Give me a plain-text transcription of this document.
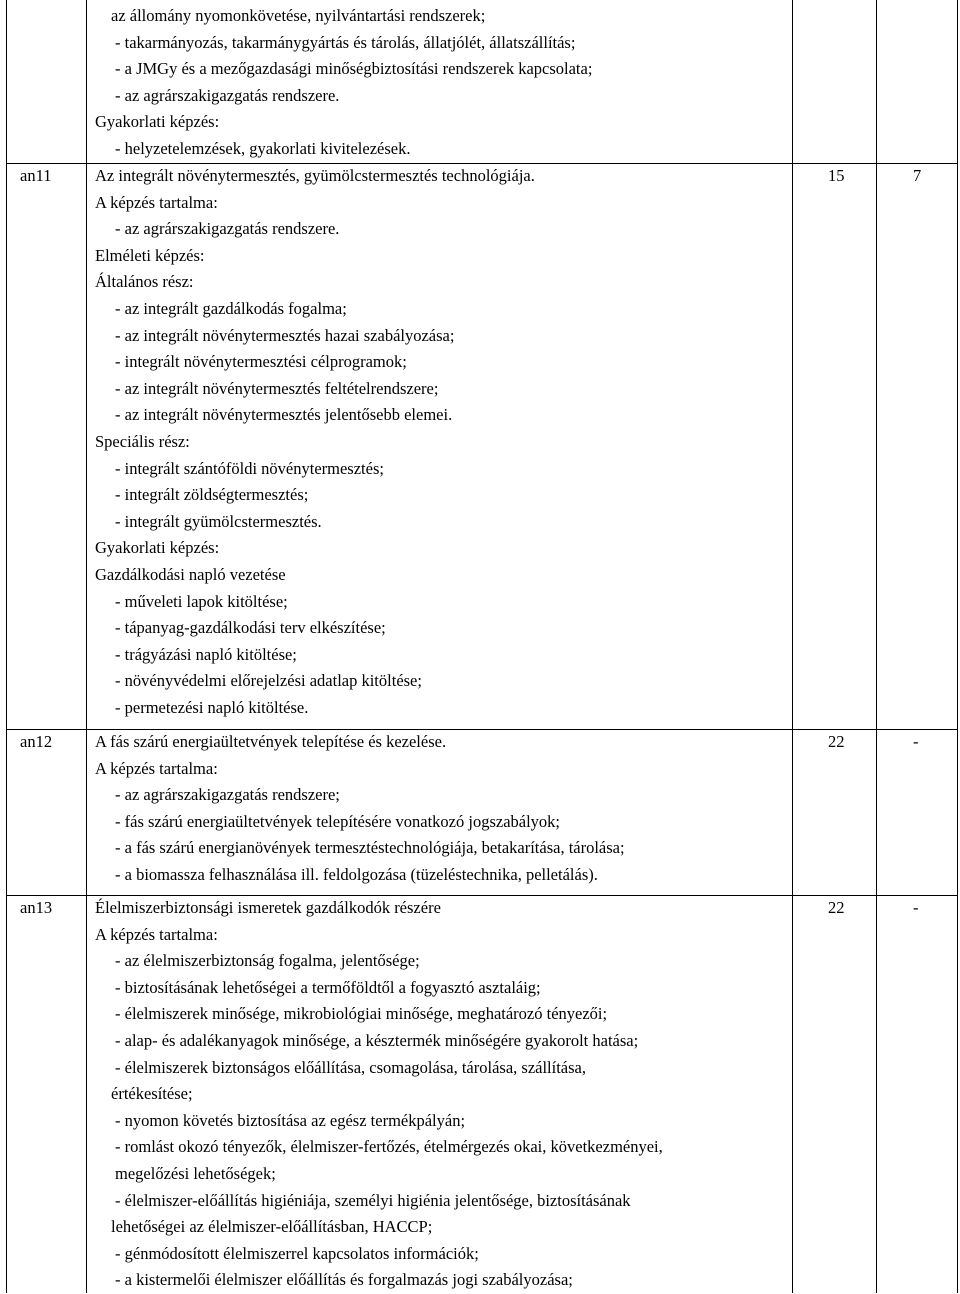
az állomány nyomonkövetése, nyilvántartási rendszerek;
- takarmányozás, takarmánygyártás és tárolás, állatjólét, állatszállítás;
- a JMGy és a mezőgazdasági minőségbiztosítási rendszerek kapcsolata;
- az agrárszakigazgatás rendszere.
Gyakorlati képzés:
- helyzetelemzések, gyakorlati kivitelezések.
an11	Az integrált növénytermesztés, gyümölcstermesztés technológiája.
A képzés tartalma:
- az agrárszakigazgatás rendszere.
Elméleti képzés:
Általános rész:
- az integrált gazdálkodás fogalma;
- az integrált növénytermesztés hazai szabályozása;
- integrált növénytermesztési célprogramok;
- az integrált növénytermesztés feltételrendszere;
- az integrált növénytermesztés jelentősebb elemei.
Speciális rész:
- integrált szántóföldi növénytermesztés;
- integrált zöldségtermesztés;
- integrált gyümölcstermesztés.
Gyakorlati képzés:
Gazdálkodási napló vezetése
- műveleti lapok kitöltése;
- tápanyag-gazdálkodási terv elkészítése;
- trágyázási napló kitöltése;
- növényvédelmi előrejelzési adatlap kitöltése;
- permetezési napló kitöltése.
15	7
an12	A fás szárú energiaültetvények telepítése és kezelése.
A képzés tartalma:
- az agrárszakigazgatás rendszere;
- fás szárú energiaültetvények telepítésére vonatkozó jogszabályok;
- a fás szárú energianövények termesztéstechnológiája, betakarítása, tárolása;
- a biomassza felhasználása ill. feldolgozása (tüzeléstechnika, pelletálás).
22	-
an13	Élelmiszerbiztonsági ismeretek gazdálkodók részére
A képzés tartalma:
- az élelmiszerbiztonság fogalma, jelentősége;
- biztosításának lehetőségei a termőföldtől a fogyasztó asztaláig;
- élelmiszerek minősége, mikrobiológiai minősége, meghatározó tényezői;
- alap- és adalékanyagok minősége, a késztermék minőségére gyakorolt hatása;
- élelmiszerek biztonságos előállítása, csomagolása, tárolása, szállítása,
értékesítése;
- nyomon követés biztosítása az egész termékpályán;
- romlást okozó tényezők, élelmiszer-fertőzés, ételmérgezés okai, következményei,
megelőzési lehetőségek;
- élelmiszer-előállítás higiéniája, személyi higiénia jelentősége, biztosításának
lehetőségei az élelmiszer-előállításban, HACCP;
- génmódosított élelmiszerrel kapcsolatos információk;
- a kistermelői élelmiszer előállítás és forgalmazás jogi szabályozása;
22	-
